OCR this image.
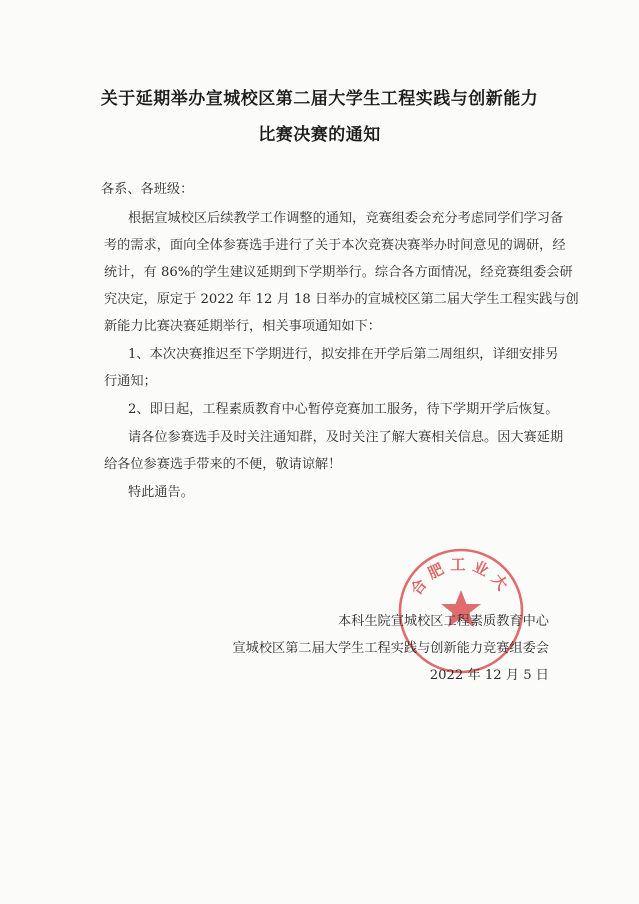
关于延期举办宣城校区第二届大学生工程实践与创新能力
比赛决赛的通知
各系、各班级：
根据宣城校区后续教学工作调整的通知，竞赛组委会充分考虑同学们学习备
考的需求，面向全体参赛选手进行了关于本次竞赛决赛举办时间意见的调研，经
统计，有 86%的学生建议延期到下学期举行。综合各方面情况，经竞赛组委会研
究决定，原定于 2022 年 12 月 18 日举办的宣城校区第二届大学生工程实践与创
新能力比赛决赛延期举行，相关事项通知如下：
1、本次决赛推迟至下学期进行，拟安排在开学后第二周组织，详细安排另
行通知；
2、即日起，工程素质教育中心暂停竞赛加工服务，待下学期开学后恢复。
请各位参赛选手及时关注通知群，及时关注了解大赛相关信息。因大赛延期
给各位参赛选手带来的不便，敬请谅解！
特此通告。
合肥工业大
本科生院宣城校区工程素质教育中心
宣城校区第二届大学生工程实践与创新能力竞赛组委会
2022 年 12 月 5 日
